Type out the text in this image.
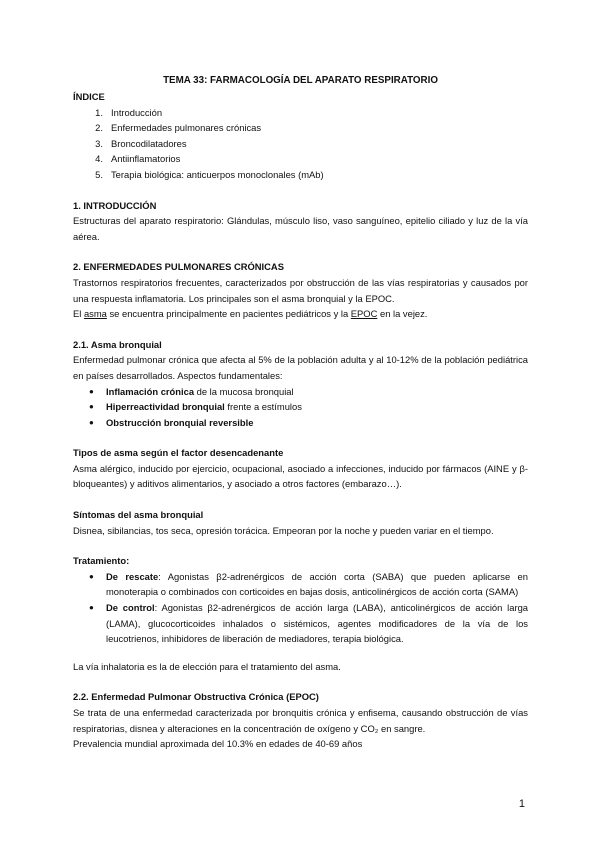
TEMA 33: FARMACOLOGÍA DEL APARATO RESPIRATORIO

ÍNDICE

1. Introducción
2. Enfermedades pulmonares crónicas
3. Broncodilatadores
4. Antiinflamatorios
5. Terapia biológica: anticuerpos monoclonales (mAb)

1. INTRODUCCIÓN

Estructuras del aparato respiratorio: Glándulas, músculo liso, vaso sanguíneo, epitelio ciliado y luz de la vía aérea.

2. ENFERMEDADES PULMONARES CRÓNICAS

Trastornos respiratorios frecuentes, caracterizados por obstrucción de las vías respiratorias y causados por una respuesta inflamatoria. Los principales son el asma bronquial y la EPOC.

El asma se encuentra principalmente en pacientes pediátricos y la EPOC en la vejez.

2.1. Asma bronquial

Enfermedad pulmonar crónica que afecta al 5% de la población adulta y al 10-12% de la población pediátrica en países desarrollados. Aspectos fundamentales:

● Inflamación crónica de la mucosa bronquial
● Hiperreactividad bronquial frente a estímulos
● Obstrucción bronquial reversible

Tipos de asma según el factor desencadenante

Asma alérgico, inducido por ejercicio, ocupacional, asociado a infecciones, inducido por fármacos (AINE y β-bloqueantes) y aditivos alimentarios, y asociado a otros factores (embarazo…).

Síntomas del asma bronquial

Disnea, sibilancias, tos seca, opresión torácica. Empeoran por la noche y pueden variar en el tiempo.

Tratamiento:

● De rescate: Agonistas β2-adrenérgicos de acción corta (SABA) que pueden aplicarse en monoterapia o combinados con corticoides en bajas dosis, anticolinérgicos de acción corta (SAMA)
● De control: Agonistas β2-adrenérgicos de acción larga (LABA), anticolinérgicos de acción larga (LAMA), glucocorticoides inhalados o sistémicos, agentes modificadores de la vía de los leucotrienos, inhibidores de liberación de mediadores, terapia biológica.

La vía inhalatoria es la de elección para el tratamiento del asma.

2.2. Enfermedad Pulmonar Obstructiva Crónica (EPOC)

Se trata de una enfermedad caracterizada por bronquitis crónica y enfisema, causando obstrucción de vías respiratorias, disnea y alteraciones en la concentración de oxígeno y CO₂ en sangre.

Prevalencia mundial aproximada del 10.3% en edades de 40-69 años

1
